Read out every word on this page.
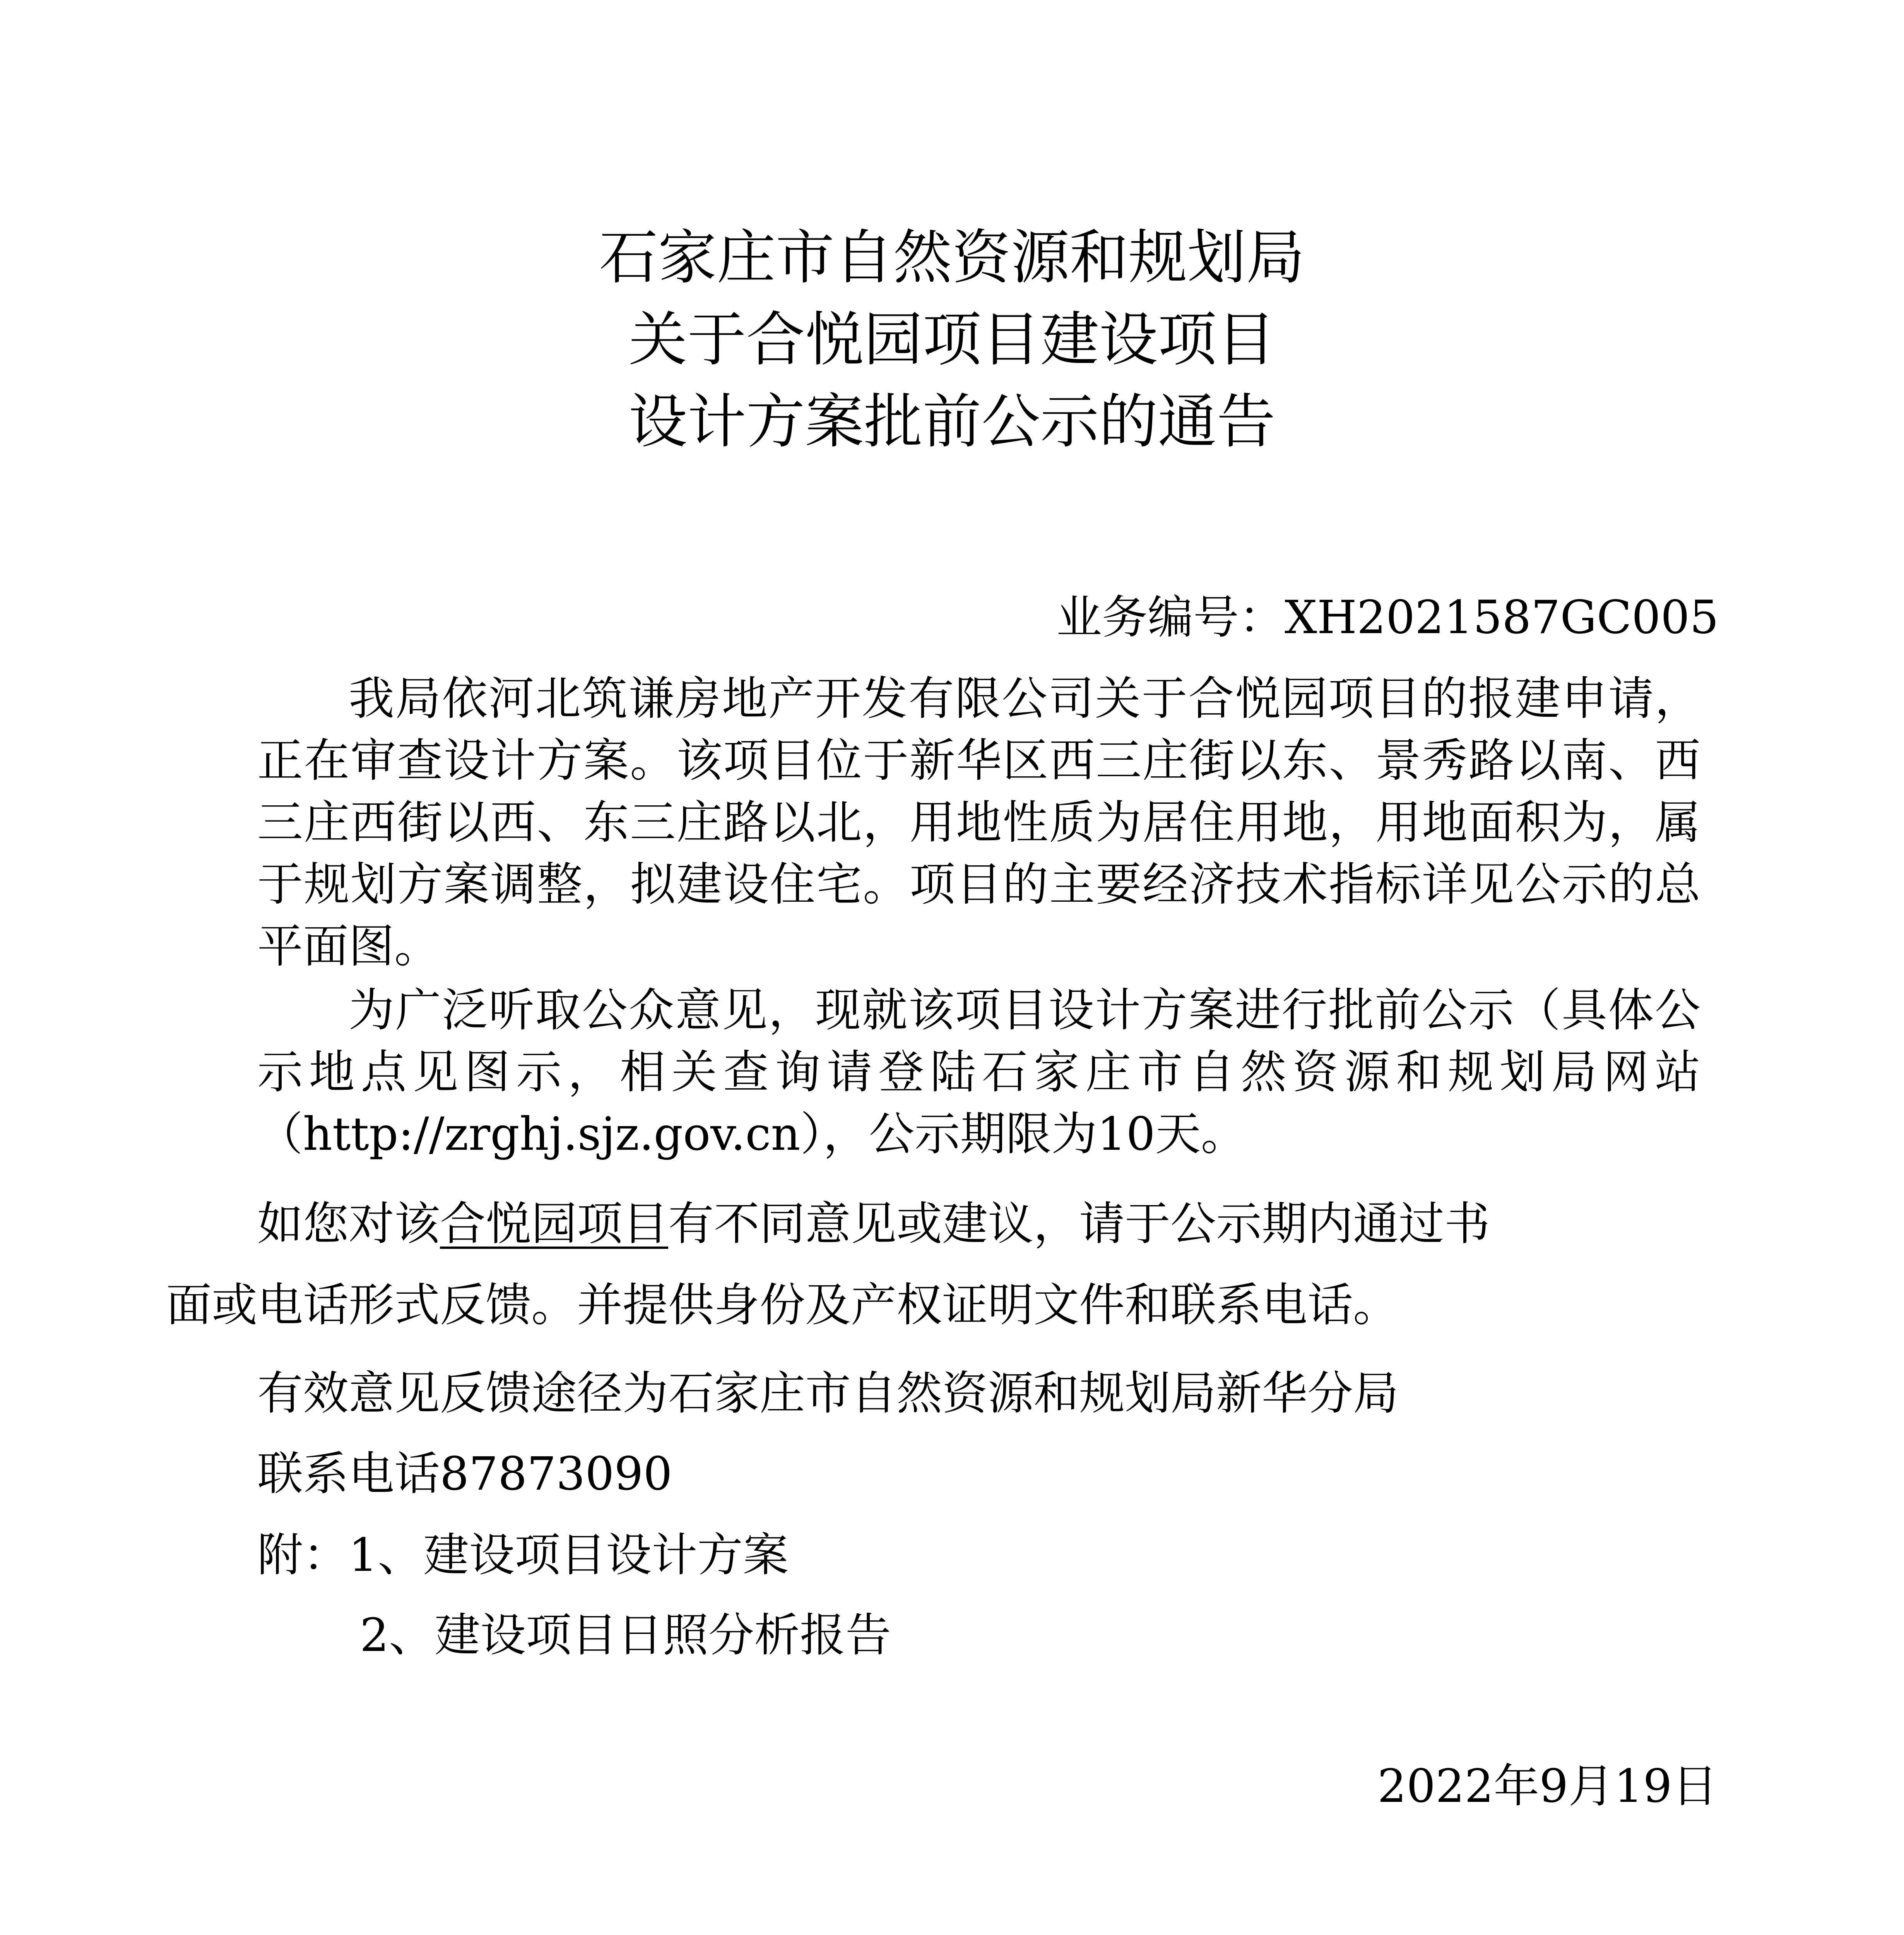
石家庄市自然资源和规划局
关于合悦园项目建设项目
设计方案批前公示的通告
业务编号：XH2021587GC005
我局依河北筑谦房地产开发有限公司关于合悦园项目的报建申请，正在审查设计方案。该项目位于新华区西三庄街以东、景秀路以南、西三庄西街以西、东三庄路以北，用地性质为居住用地，用地面积为，属于规划方案调整，拟建设住宅。项目的主要经济技术指标详见公示的总平面图。
为广泛听取公众意见，现就该项目设计方案进行批前公示（具体公示地点见图示，相关查询请登陆石家庄市自然资源和规划局网站（http://zrghj.sjz.gov.cn），公示期限为10天。
如您对该合悦园项目有不同意见或建议，请于公示期内通过书
面或电话形式反馈。并提供身份及产权证明文件和联系电话。
有效意见反馈途径为石家庄市自然资源和规划局新华分局
联系电话87873090
附：1、建设项目设计方案
2、建设项目日照分析报告
2022年9月19日
